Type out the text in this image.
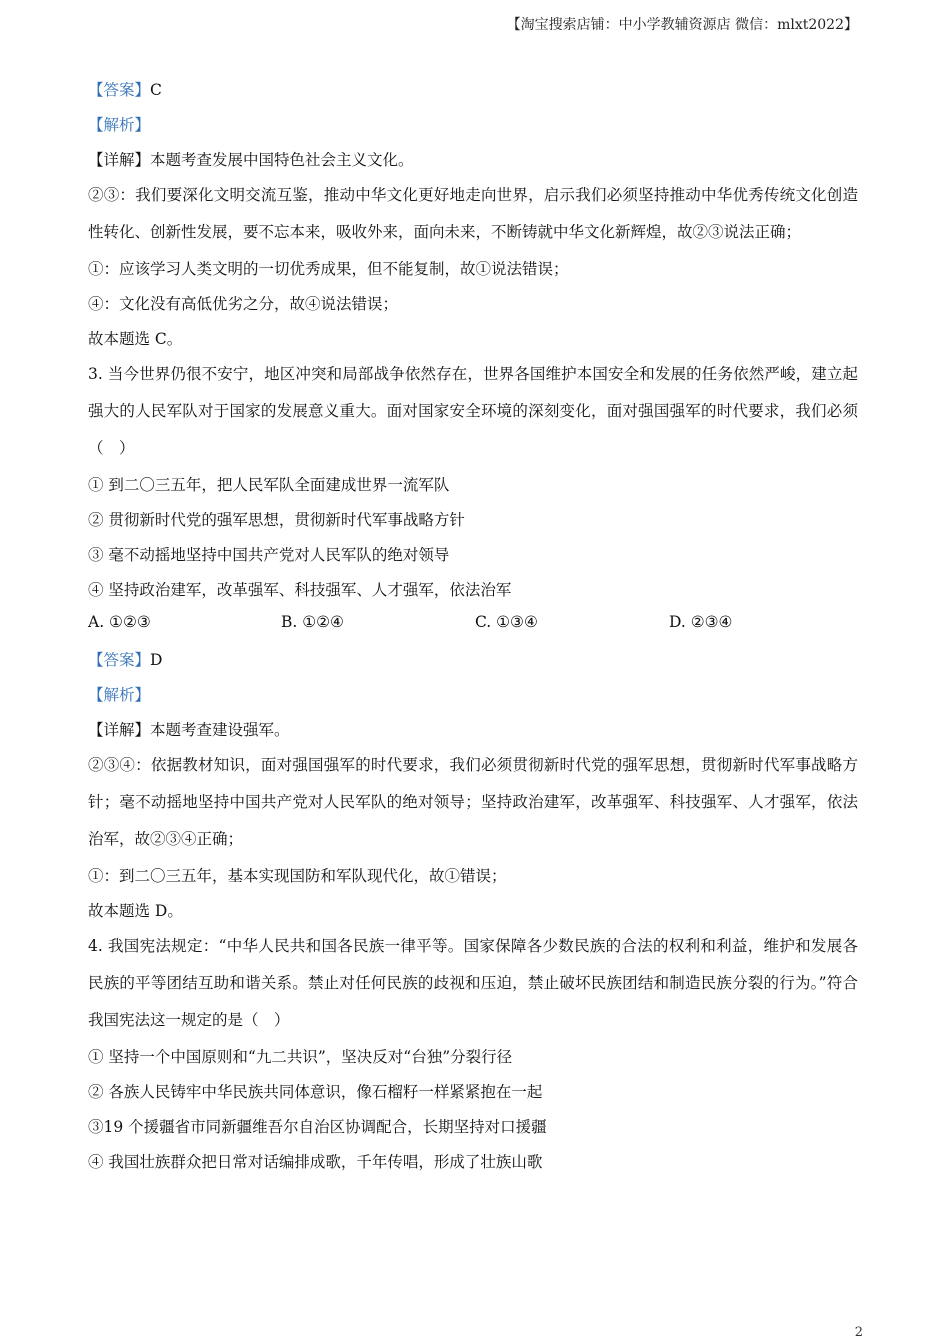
【淘宝搜索店铺：中小学教辅资源店 微信：mlxt2022】

【答案】C

【解析】

【详解】本题考查发展中国特色社会主义文化。

②③：我们要深化文明交流互鉴，推动中华文化更好地走向世界，启示我们必须坚持推动中华优秀传统文化创造性转化、创新性发展，要不忘本来，吸收外来，面向未来，不断铸就中华文化新辉煌，故②③说法正确；

①：应该学习人类文明的一切优秀成果，但不能复制，故①说法错误；

④：文化没有高低优劣之分，故④说法错误；

故本题选 C。

3. 当今世界仍很不安宁，地区冲突和局部战争依然存在，世界各国维护本国安全和发展的任务依然严峻，建立起强大的人民军队对于国家的发展意义重大。面对国家安全环境的深刻变化，面对强国强军的时代要求，我们必须（　）

① 到二〇三五年，把人民军队全面建成世界一流军队

② 贯彻新时代党的强军思想，贯彻新时代军事战略方针

③ 毫不动摇地坚持中国共产党对人民军队的绝对领导

④ 坚持政治建军，改革强军、科技强军、人才强军，依法治军

A. ①②③	B. ①②④	C. ①③④	D. ②③④

【答案】D

【解析】

【详解】本题考查建设强军。

②③④：依据教材知识，面对强国强军的时代要求，我们必须贯彻新时代党的强军思想，贯彻新时代军事战略方针；毫不动摇地坚持中国共产党对人民军队的绝对领导；坚持政治建军，改革强军、科技强军、人才强军，依法治军，故②③④正确；

①：到二〇三五年，基本实现国防和军队现代化，故①错误；

故本题选 D。

4. 我国宪法规定：“中华人民共和国各民族一律平等。国家保障各少数民族的合法的权利和利益，维护和发展各民族的平等团结互助和谐关系。禁止对任何民族的歧视和压迫，禁止破坏民族团结和制造民族分裂的行为。”符合我国宪法这一规定的是（　）

① 坚持一个中国原则和“九二共识”，坚决反对“台独”分裂行径

② 各族人民铸牢中华民族共同体意识，像石榴籽一样紧紧抱在一起

③19 个援疆省市同新疆维吾尔自治区协调配合，长期坚持对口援疆

④ 我国壮族群众把日常对话编排成歌，千年传唱，形成了壮族山歌

2
